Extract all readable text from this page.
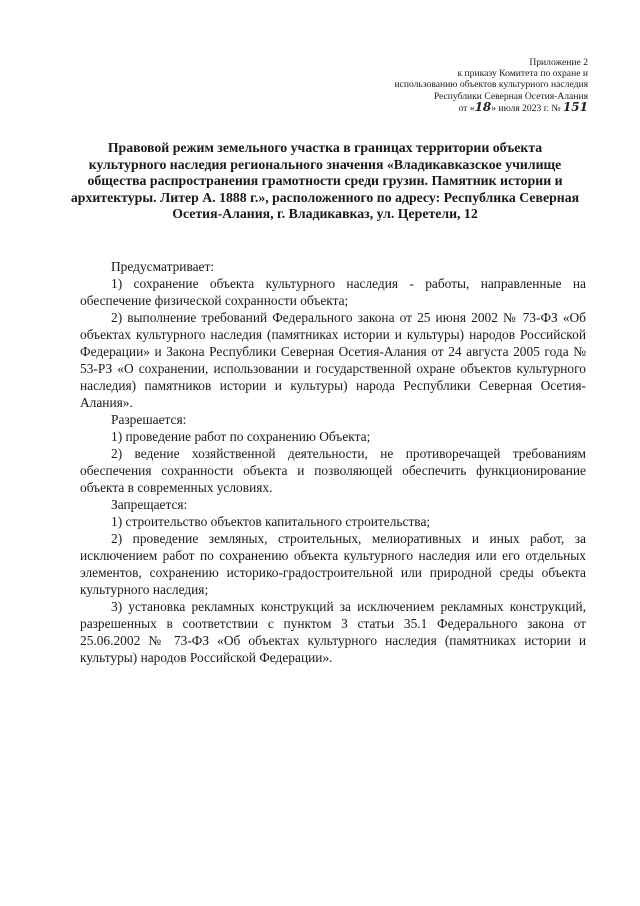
Приложение 2
к приказу Комитета по охране и
использованию объектов культурного наследия
Республики Северная Осетия-Алания
от «18» июля 2023 г. № 151
Правовой режим земельного участка в границах территории объекта культурного наследия регионального значения «Владикавказское училище общества распространения грамотности среди грузин. Памятник истории и архитектуры. Литер А. 1888 г.», расположенного по адресу: Республика Северная Осетия-Алания, г. Владикавказ, ул. Церетели, 12

Предусматривает:

1) сохранение объекта культурного наследия - работы, направленные на обеспечение физической сохранности объекта;

2) выполнение требований Федерального закона от 25 июня 2002 № 73-ФЗ «Об объектах культурного наследия (памятниках истории и культуры) народов Российской Федерации» и Закона Республики Северная Осетия-Алания от 24 августа 2005 года № 53-РЗ «О сохранении, использовании и государственной охране объектов культурного наследия) памятников истории и культуры) народа Республики Северная Осетия-Алания».

Разрешается:

1) проведение работ по сохранению Объекта;

2) ведение хозяйственной деятельности, не противоречащей требованиям обеспечения сохранности объекта и позволяющей обеспечить функционирование объекта в современных условиях.

Запрещается:

1) строительство объектов капитального строительства;

2) проведение земляных, строительных, мелиоративных и иных работ, за исключением работ по сохранению объекта культурного наследия или его отдельных элементов, сохранению историко-градостроительной или природной среды объекта культурного наследия;

3) установка рекламных конструкций за исключением рекламных конструкций, разрешенных в соответствии с пунктом 3 статьи 35.1 Федерального закона от 25.06.2002 № 73-ФЗ «Об объектах культурного наследия (памятниках истории и культуры) народов Российской Федерации».
